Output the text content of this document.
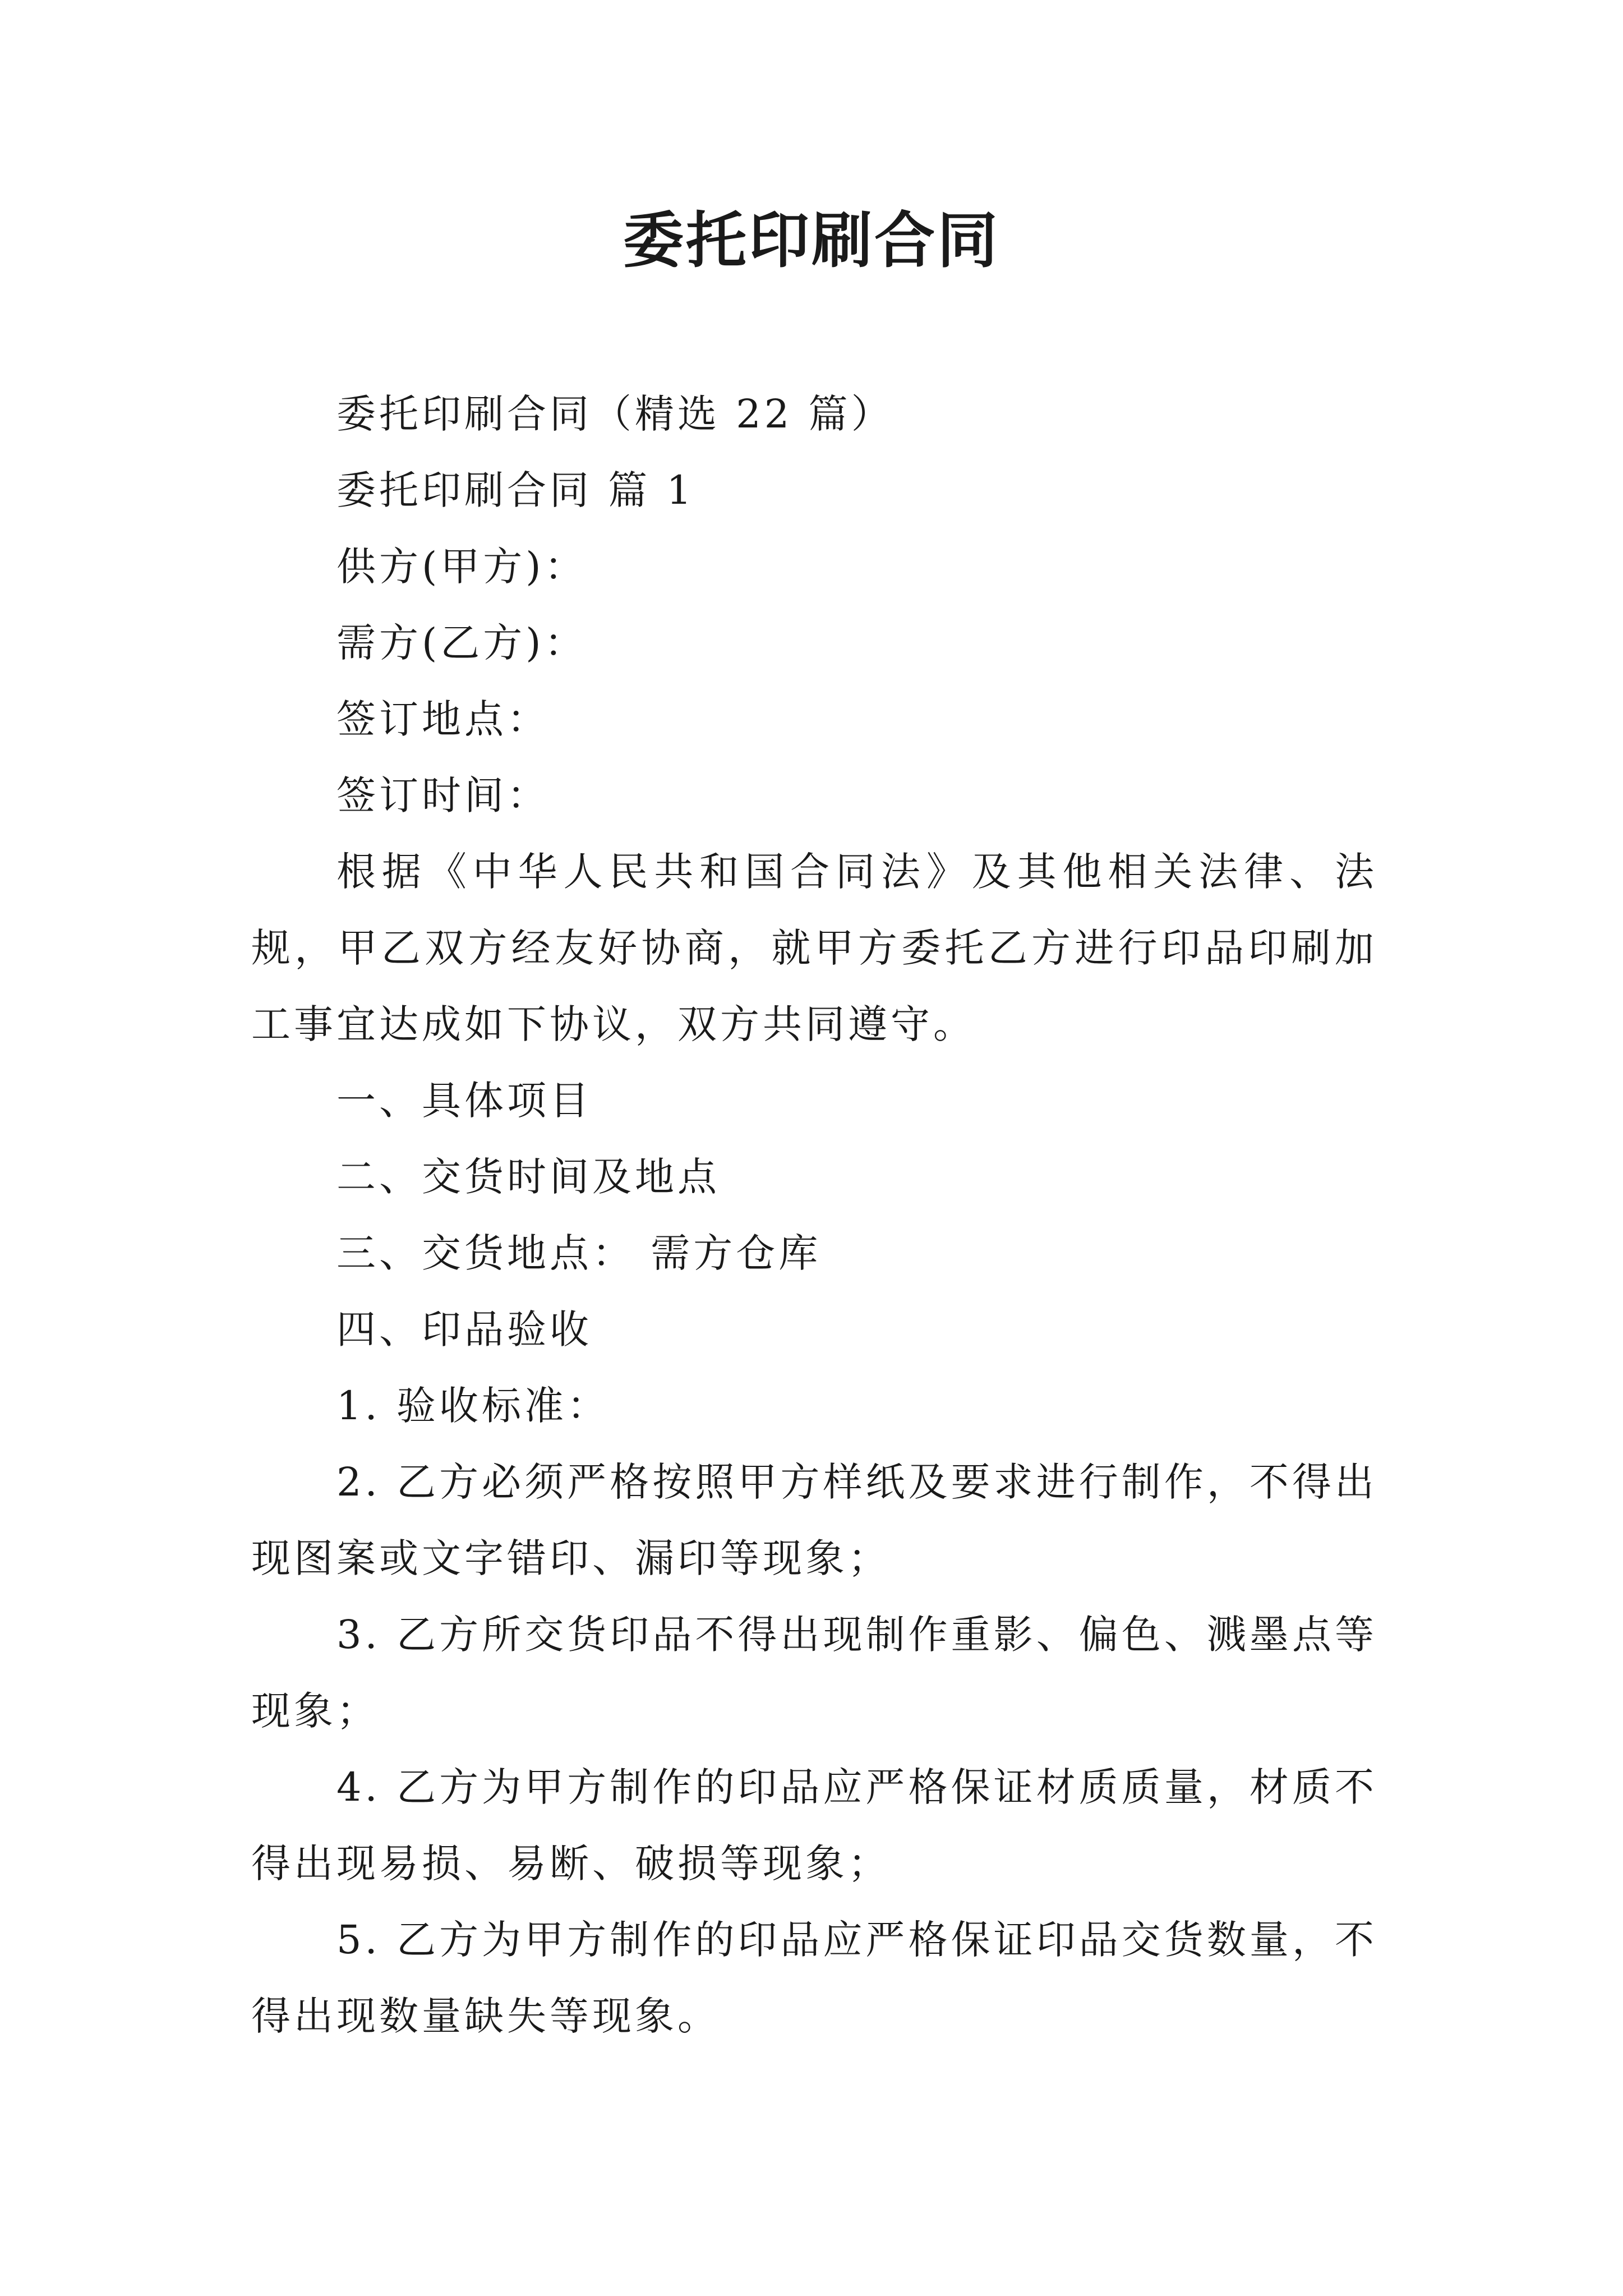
委托印刷合同

委托印刷合同（精选 22 篇）

委托印刷合同 篇 1

供方(甲方)：

需方(乙方)：

签订地点：

签订时间：

根据《中华人民共和国合同法》及其他相关法律、法规，甲乙双方经友好协商，就甲方委托乙方进行印品印刷加工事宜达成如下协议，双方共同遵守。

一、具体项目

二、交货时间及地点

三、交货地点： 需方仓库

四、印品验收

1. 验收标准：

2. 乙方必须严格按照甲方样纸及要求进行制作，不得出现图案或文字错印、漏印等现象；

3. 乙方所交货印品不得出现制作重影、偏色、溅墨点等现象；

4. 乙方为甲方制作的印品应严格保证材质质量，材质不得出现易损、易断、破损等现象；

5. 乙方为甲方制作的印品应严格保证印品交货数量，不得出现数量缺失等现象。
